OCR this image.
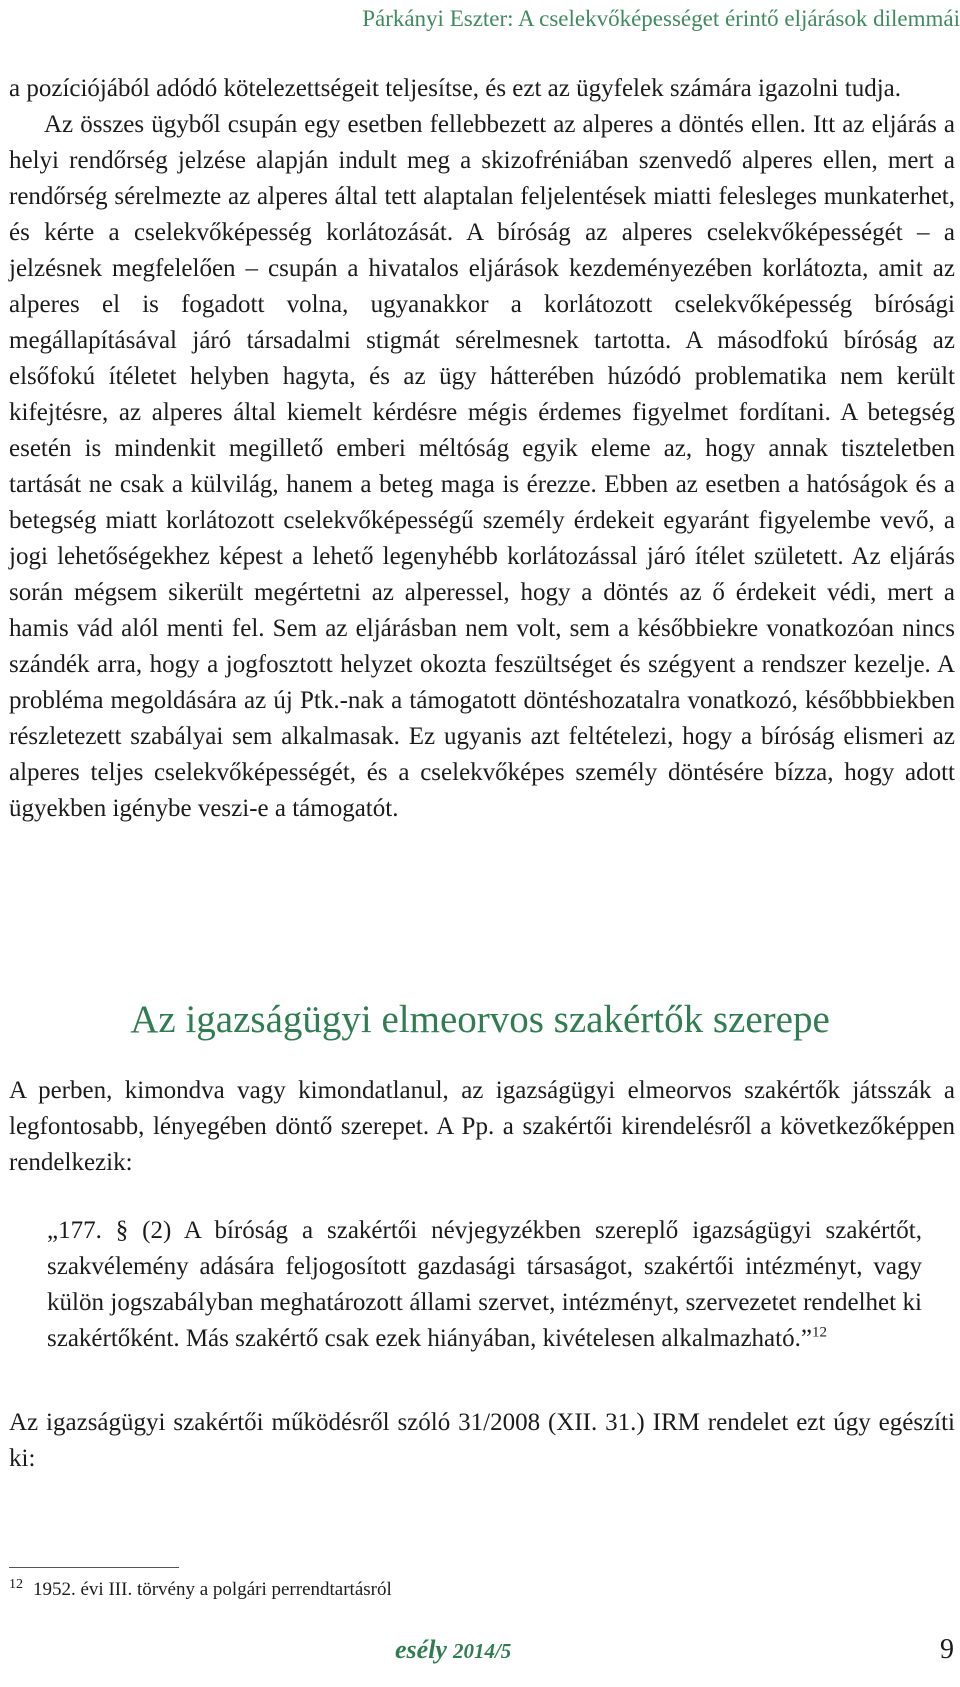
Párkányi Eszter: A cselekvőképességet érintő eljárások dilemmái

a pozíciójából adódó kötelezettségeit teljesítse, és ezt az ügyfelek számára igazolni tudja.

Az összes ügyből csupán egy esetben fellebbezett az alperes a döntés ellen. Itt az eljárás a helyi rendőrség jelzése alapján indult meg a skizofréniában szenvedő alperes ellen, mert a rendőrség sérelmezte az alperes által tett alaptalan feljelentések miatti felesleges munkaterhet, és kérte a cselekvőképesség korlátozását. A bíróság az alperes cselekvőképességét – a jelzésnek megfelelően – csupán a hivatalos eljárások kezdeményezében korlátozta, amit az alperes el is fogadott volna, ugyanakkor a korlátozott cselekvőképesség bírósági megállapításával járó társadalmi stigmát sérelmesnek tartotta. A másodfokú bíróság az elsőfokú ítéletet helyben hagyta, és az ügy hátterében húzódó problematika nem került kifejtésre, az alperes által kiemelt kérdésre mégis érdemes figyelmet fordítani. A betegség esetén is mindenkit megillető emberi méltóság egyik eleme az, hogy annak tiszteletben tartását ne csak a külvilág, hanem a beteg maga is érezze. Ebben az esetben a hatóságok és a betegség miatt korlátozott cselekvőképességű személy érdekeit egyaránt figyelembe vevő, a jogi lehetőségekhez képest a lehető legenyhébb korlátozással járó ítélet született. Az eljárás során mégsem sikerült megértetni az alperessel, hogy a döntés az ő érdekeit védi, mert a hamis vád alól menti fel. Sem az eljárásban nem volt, sem a későbbiekre vonatkozóan nincs szándék arra, hogy a jogfosztott helyzet okozta feszültséget és szégyent a rendszer kezelje. A probléma megoldására az új Ptk.-nak a támogatott döntéshozatalra vonatkozó, későbbbiekben részletezett szabályai sem alkalmasak. Ez ugyanis azt feltételezi, hogy a bíróság elismeri az alperes teljes cselekvőképességét, és a cselekvőképes személy döntésére bízza, hogy adott ügyekben igénybe veszi-e a támogatót.

Az igazságügyi elmeorvos szakértők szerepe

A perben, kimondva vagy kimondatlanul, az igazságügyi elmeorvos szakértők játsszák a legfontosabb, lényegében döntő szerepet. A Pp. a szakértői kirendelésről a következőképpen rendelkezik:

„177. § (2) A bíróság a szakértői névjegyzékben szereplő igazságügyi szakértőt, szakvélemény adására feljogosított gazdasági társaságot, szakértői intézményt, vagy külön jogszabályban meghatározott állami szervet, intézményt, szervezetet rendelhet ki szakértőként. Más szakértő csak ezek hiányában, kivételesen alkalmazható.”$^{12}$

Az igazságügyi szakértői működésről szóló 31/2008 (XII. 31.) IRM rendelet ezt úgy egészíti ki:

$^{12}$ 1952. évi III. törvény a polgári perrendtartásról
esély 2014/5	9
